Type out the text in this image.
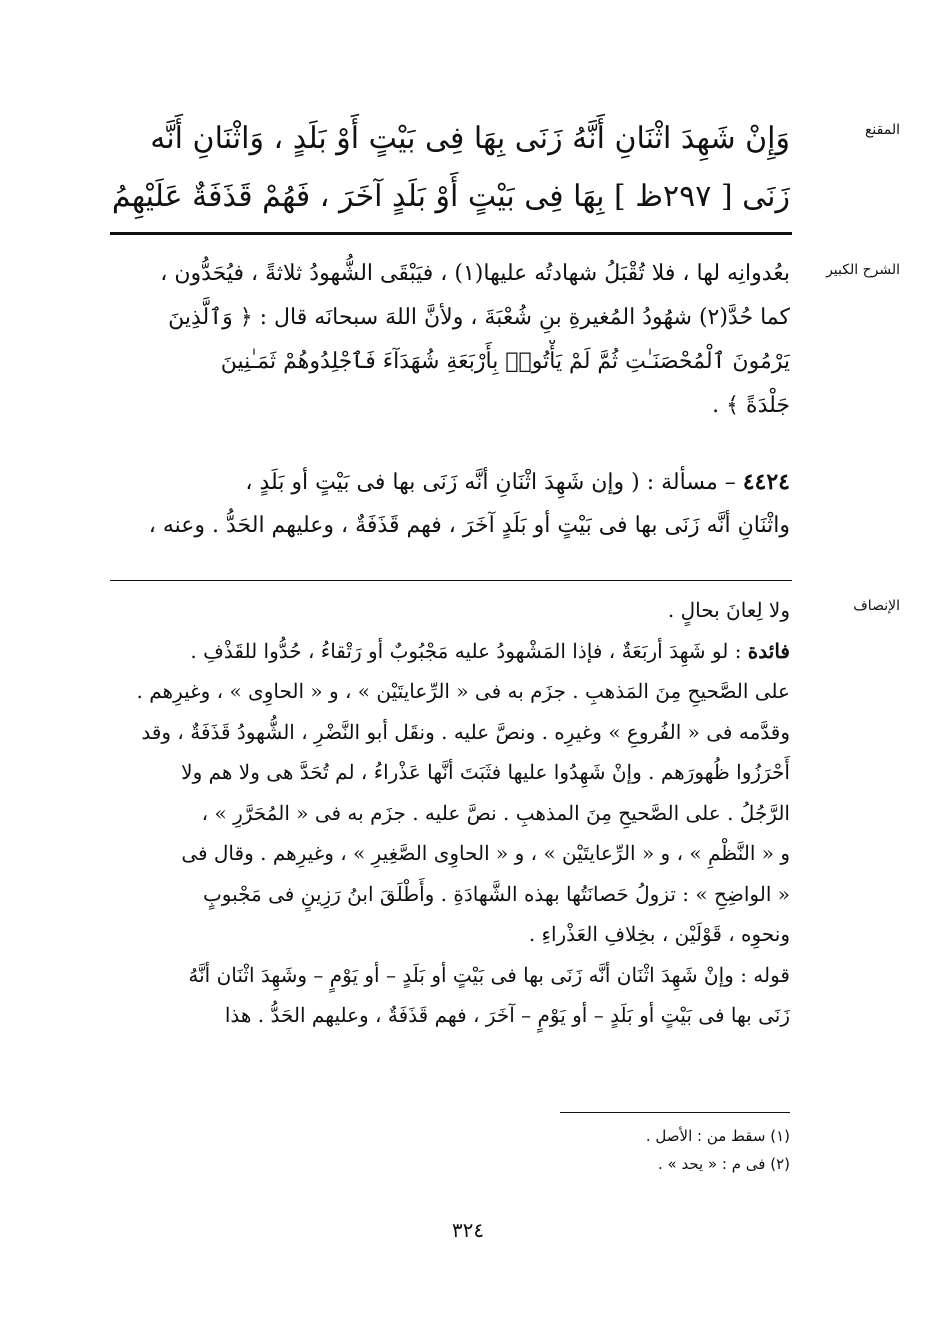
المقنع
وَإِنْ شَهِدَ اثْنَانِ أَنَّهُ زَنَى بِهَا فِى بَيْتٍ أَوْ بَلَدٍ ، وَاثْنَانِ أَنَّه
زَنَى [ ٢٩٧ظ ] بِهَا فِى بَيْتٍ أَوْ بَلَدٍ آخَرَ ، فَهُمْ قَذَفَةٌ عَلَيْهِمُ
الشرح الكبير
بعُدوانِه لها ، فلا تُقْبَلُ شهادتُه عليها(١) ، فيَبْقَى الشُّهودُ ثلاثةً ، فيُحَدُّون ،
كما حُدَّ(٢) شهُودُ المُغيرةِ بنِ شُعْبَةَ ، ولأنَّ اللهَ سبحانَه قال : ﴿ وَٱلَّذِينَ
يَرْمُونَ ٱلْمُحْصَنَـٰتِ ثُمَّ لَمْ يَأْتُوا۟ بِأَرْبَعَةِ شُهَدَآءَ فَٱجْلِدُوهُمْ ثَمَـٰنِينَ
جَلْدَةً ﴾ .
٤٤٢٤ – مسألة : ( وإن شَهِدَ اثْنَانِ أنَّه زَنَى بها فى بَيْتٍ أو بَلَدٍ ،
واثْنَانِ أنَّه زَنَى بها فى بَيْتٍ أو بَلَدٍ آخَرَ ، فهم قَذَفَةٌ ، وعليهم الحَدُّ . وعنه ،
الإنصاف
ولا لِعانَ بحالٍ .
فائدة : لو شَهِدَ أربَعَةٌ ، فإذا المَشْهودُ عليه مَجْبُوبٌ أو رَتْقاءُ ، حُدُّوا للقَذْفِ .
على الصَّحيحِ مِنَ المَذهبِ . جزَم به فى « الرِّعايتَيْن » ، و « الحاوِى » ، وغيرِهم .
وقدَّمه فى « الفُروعِ » وغيرِه . ونصَّ عليه . ونقَل أبو النَّضْرِ ، الشُّهودُ قَذَفَةٌ ، وقد
أَحْرَزُوا ظُهورَهم . وإنْ شَهِدُوا عليها فثَبَتَ أنَّها عَذْراءُ ، لم تُحَدَّ هى ولا هم ولا
الرَّجُلُ . على الصَّحيحِ مِنَ المذهبِ . نصَّ عليه . جزَم به فى « المُحَرَّرِ » ،
و « النَّظْمِ » ، و « الرِّعايتَيْن » ، و « الحاوِى الصَّغِيرِ » ، وغيرِهم . وقال فى
« الواضِحِ » : تزولُ حَصانَتُها بهذه الشَّهادَةِ . وأَطْلَقَ ابنُ رَزِينٍ فى مَجْبوبٍ
ونحوِه ، قَوْلَيْن ، بخِلافِ العَذْراءِ .
قوله : وإنْ شَهِدَ اثْنَان أنَّه زَنَى بها فى بَيْتٍ أو بَلَدٍ – أو يَوْمٍ – وشَهِدَ اثْنَان أنَّهُ
زَنَى بها فى بَيْتٍ أو بَلَدٍ – أو يَوْمٍ – آخَرَ ، فهم قَذَفَةٌ ، وعليهم الحَدُّ . هذا
(١) سقط من : الأصل .
(٢) فى م : « يحد » .
٣٢٤
